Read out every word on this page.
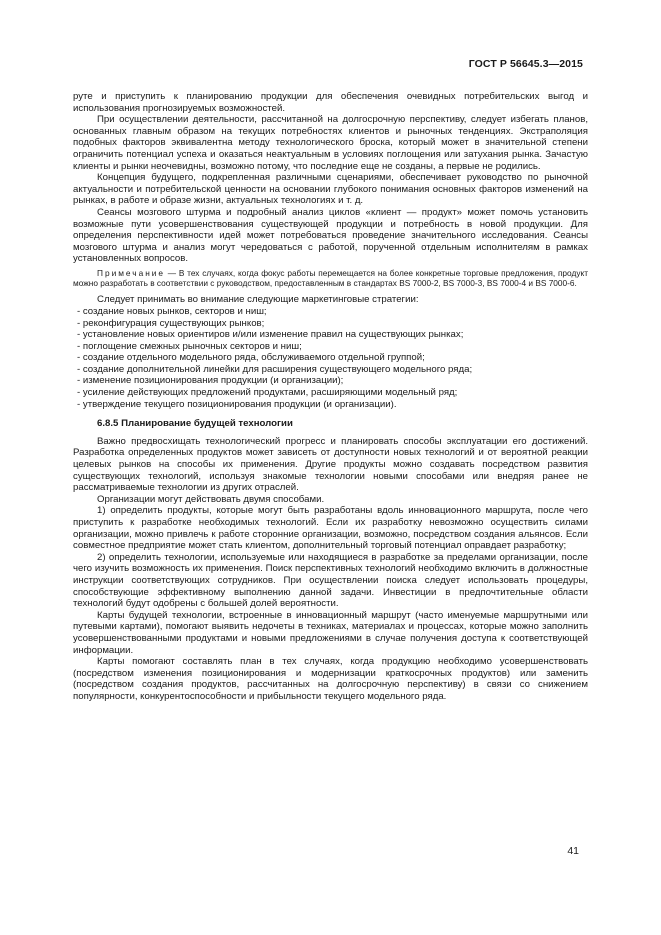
ГОСТ Р 56645.3—2015

руте и приступить к планированию продукции для обеспечения очевидных потребительских выгод и использования прогнозируемых возможностей.

При осуществлении деятельности, рассчитанной на долгосрочную перспективу, следует избегать планов, основанных главным образом на текущих потребностях клиентов и рыночных тенденциях. Экстраполяция подобных факторов эквивалентна методу технологического броска, который может в значительной степени ограничить потенциал успеха и оказаться неактуальным в условиях поглощения или затухания рынка. Зачастую клиенты и рынки неочевидны, возможно потому, что последние еще не созданы, а первые не родились.

Концепция будущего, подкрепленная различными сценариями, обеспечивает руководство по рыночной актуальности и потребительской ценности на основании глубокого понимания основных факторов изменений на рынках, в работе и образе жизни, актуальных технологиях и т. д.

Сеансы мозгового штурма и подробный анализ циклов «клиент — продукт» может помочь установить возможные пути усовершенствования существующей продукции и потребность в новой продукции. Для определения перспективности идей может потребоваться проведение значительного исследования. Сеансы мозгового штурма и анализ могут чередоваться с работой, порученной отдельным исполнителям в рамках установленных вопросов.

Примечание — В тех случаях, когда фокус работы перемещается на более конкретные торговые предложения, продукт можно разработать в соответствии с руководством, предоставленным в стандартах BS 7000-2, BS 7000-3, BS 7000-4 и BS 7000-6.

Следует принимать во внимание следующие маркетинговые стратегии:

- создание новых рынков, секторов и ниш;
- реконфигурация существующих рынков;
- установление новых ориентиров и/или изменение правил на существующих рынках;
- поглощение смежных рыночных секторов и ниш;
- создание отдельного модельного ряда, обслуживаемого отдельной группой;
- создание дополнительной линейки для расширения существующего модельного ряда;
- изменение позиционирования продукции (и организации);
- усиление действующих предложений продуктами, расширяющими модельный ряд;
- утверждение текущего позиционирования продукции (и организации).

6.8.5 Планирование будущей технологии

Важно предвосхищать технологический прогресс и планировать способы эксплуатации его достижений. Разработка определенных продуктов может зависеть от доступности новых технологий и от вероятной реакции целевых рынков на способы их применения. Другие продукты можно создавать посредством развития существующих технологий, используя знакомые технологии новыми способами или внедряя ранее не рассматриваемые технологии из других отраслей.

Организации могут действовать двумя способами.

1) определить продукты, которые могут быть разработаны вдоль инновационного маршрута, после чего приступить к разработке необходимых технологий. Если их разработку невозможно осуществить силами организации, можно привлечь к работе сторонние организации, возможно, посредством создания альянсов. Если совместное предприятие может стать клиентом, дополнительный торговый потенциал оправдает разработку;

2) определить технологии, используемые или находящиеся в разработке за пределами организации, после чего изучить возможность их применения. Поиск перспективных технологий необходимо включить в должностные инструкции соответствующих сотрудников. При осуществлении поиска следует использовать процедуры, способствующие эффективному выполнению данной задачи. Инвестиции в предпочтительные области технологий будут одобрены с большей долей вероятности.

Карты будущей технологии, встроенные в инновационный маршрут (часто именуемые маршрутными или путевыми картами), помогают выявить недочеты в техниках, материалах и процессах, которые можно заполнить усовершенствованными продуктами и новыми предложениями в случае получения доступа к соответствующей информации.

Карты помогают составлять план в тех случаях, когда продукцию необходимо усовершенствовать (посредством изменения позиционирования и модернизации краткосрочных продуктов) или заменить (посредством создания продуктов, рассчитанных на долгосрочную перспективу) в связи со снижением популярности, конкурентоспособности и прибыльности текущего модельного ряда.

41
